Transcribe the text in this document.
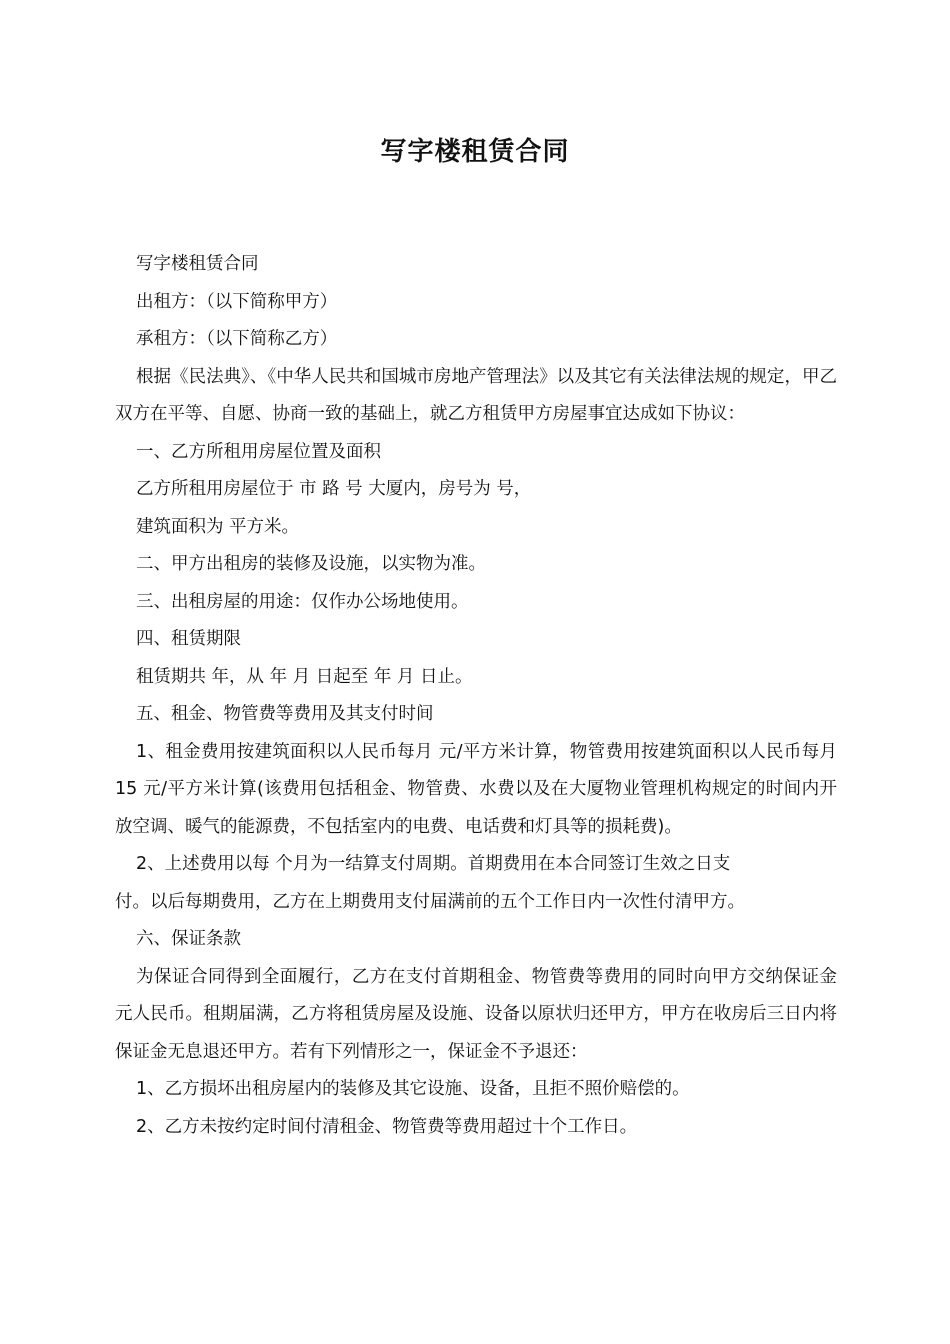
写字楼租赁合同

写字楼租赁合同

出租方：（以下简称甲方）

承租方：（以下简称乙方）

根据《民法典》、《中华人民共和国城市房地产管理法》以及其它有关法律法规的规定，甲乙双方在平等、自愿、协商一致的基础上，就乙方租赁甲方房屋事宜达成如下协议：

一、乙方所租用房屋位置及面积

乙方所租用房屋位于 市 路 号 大厦内，房号为 号，

建筑面积为 平方米。

二、甲方出租房的装修及设施，以实物为准。

三、出租房屋的用途：仅作办公场地使用。

四、租赁期限

租赁期共 年，从 年 月 日起至 年 月 日止。

五、租金、物管费等费用及其支付时间

1、租金费用按建筑面积以人民币每月 元/平方米计算，物管费用按建筑面积以人民币每月 15 元/平方米计算(该费用包括租金、物管费、水费以及在大厦物业管理机构规定的时间内开放空调、暖气的能源费，不包括室内的电费、电话费和灯具等的损耗费)。

2、上述费用以每 个月为一结算支付周期。首期费用在本合同签订生效之日支

付。以后每期费用，乙方在上期费用支付届满前的五个工作日内一次性付清甲方。

六、保证条款

为保证合同得到全面履行，乙方在支付首期租金、物管费等费用的同时向甲方交纳保证金 元人民币。租期届满，乙方将租赁房屋及设施、设备以原状归还甲方，甲方在收房后三日内将保证金无息退还甲方。若有下列情形之一，保证金不予退还：

1、乙方损坏出租房屋内的装修及其它设施、设备，且拒不照价赔偿的。

2、乙方未按约定时间付清租金、物管费等费用超过十个工作日。
